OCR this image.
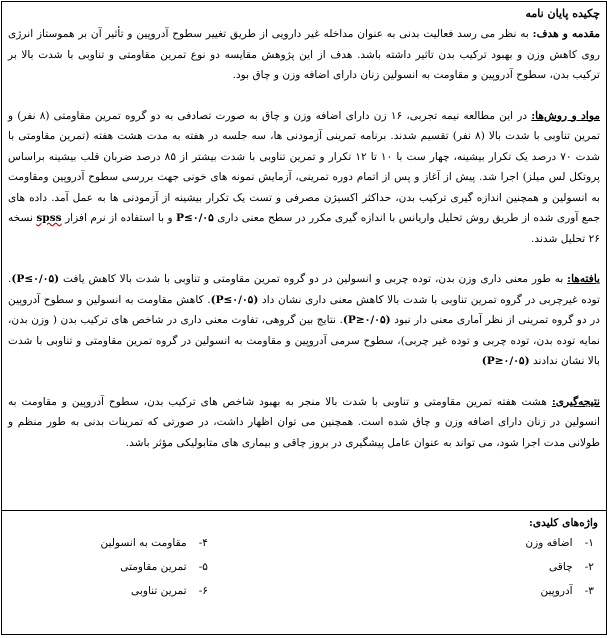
چکیده پایان نامه

مقدمه و هدف: به نظر می رسد فعالیت بدنی به عنوان مداخله غیر دارویی از طریق تغییر سطوح آدروپین و تأثیر آن بر هموستاز انرژی روی کاهش وزن و بهبود ترکیب بدن تاثیر داشته باشد. هدف از این پژوهش مقایسه دو نوع تمرین مقاومتی و تناوبی با شدت بالا بر ترکیب بدن، سطوح آدروپین و مقاومت به انسولین زنان دارای اضافه وزن و چاق بود.

مواد و روش‌ها: در این مطالعه نیمه تجربی، ۱۶ زن دارای اضافه وزن و چاق به صورت تصادفی به دو گروه تمرین مقاومتی (۸ نفر) و تمرین تناوبی با شدت بالا (۸ نفر) تقسیم شدند. برنامه تمرینی آزمودنی ها، سه جلسه در هفته به مدت هشت هفته (تمرین مقاومتی با شدت ۷۰ درصد یک تکرار بیشینه، چهار ست با ۱۰ تا ۱۲ تکرار و تمرین تناوبی با شدت بیشتر از ۸۵ درصد ضربان قلب بیشینه براساس پروتکل لس میلز) اجرا شد. پیش از آغاز و پس از اتمام دوره تمرینی، آزمایش نمونه های خونی جهت بررسی سطوح آدروپین ومقاومت به انسولین و همچنین اندازه گیری ترکیب بدن، حداکثر اکسیژن مصرفی و تست یک تکرار بیشینه از آزمودنی ها به عمل آمد. داده های جمع آوری شده از طریق روش تحلیل واریانس با اندازه گیری مکرر در سطح معنی داری P≤۰/۰۵ و با استفاده از نرم افزار spss نسخه ۲۶ تحلیل شدند.

یافته‌ها: به طور معنی داری وزن بدن، توده چربی و انسولین در دو گروه تمرین مقاومتی و تناوبی با شدت بالا کاهش یافت (P≤۰/۰۵). توده غیرچربی در گروه تمرین تناوبی با شدت بالا کاهش معنی داری نشان داد (P≤۰/۰۵). کاهش مقاومت به انسولین و سطوح آدروپین در دو گروه تمرینی از نظر آماری معنی دار نبود (P≥۰/۰۵). نتایج بین گروهی، تفاوت معنی داری در شاخص های ترکیب بدن ( وزن بدن، نمایه توده بدن، توده چربی و توده غیر چربی)، سطوح سرمی آدروپین و مقاومت به انسولین در گروه تمرین مقاومتی و تناوبی با شدت بالا نشان ندادند (P≥۰/۰۵)

نتیجه‌گیری: هشت هفته تمرین مقاومتی و تناوبی با شدت بالا منجر به بهبود شاخص های ترکیب بدن، سطوح آدروپین و مقاومت به انسولین در زنان دارای اضافه وزن و چاق شده است. همچنین می توان اظهار داشت، در صورتی که تمرینات بدنی به طور منظم و طولانی مدت اجرا شود، می تواند به عنوان عامل پیشگیری در بروز چاقی و بیماری های متابولیکی مؤثر باشد.

واژه‌های کلیدی:
۱- اضافه وزن
۴- مقاومت به انسولین
۲- چاقی
۵- تمرین مقاومتی
۳- آدروپین
۶- تمرین تناوبی
